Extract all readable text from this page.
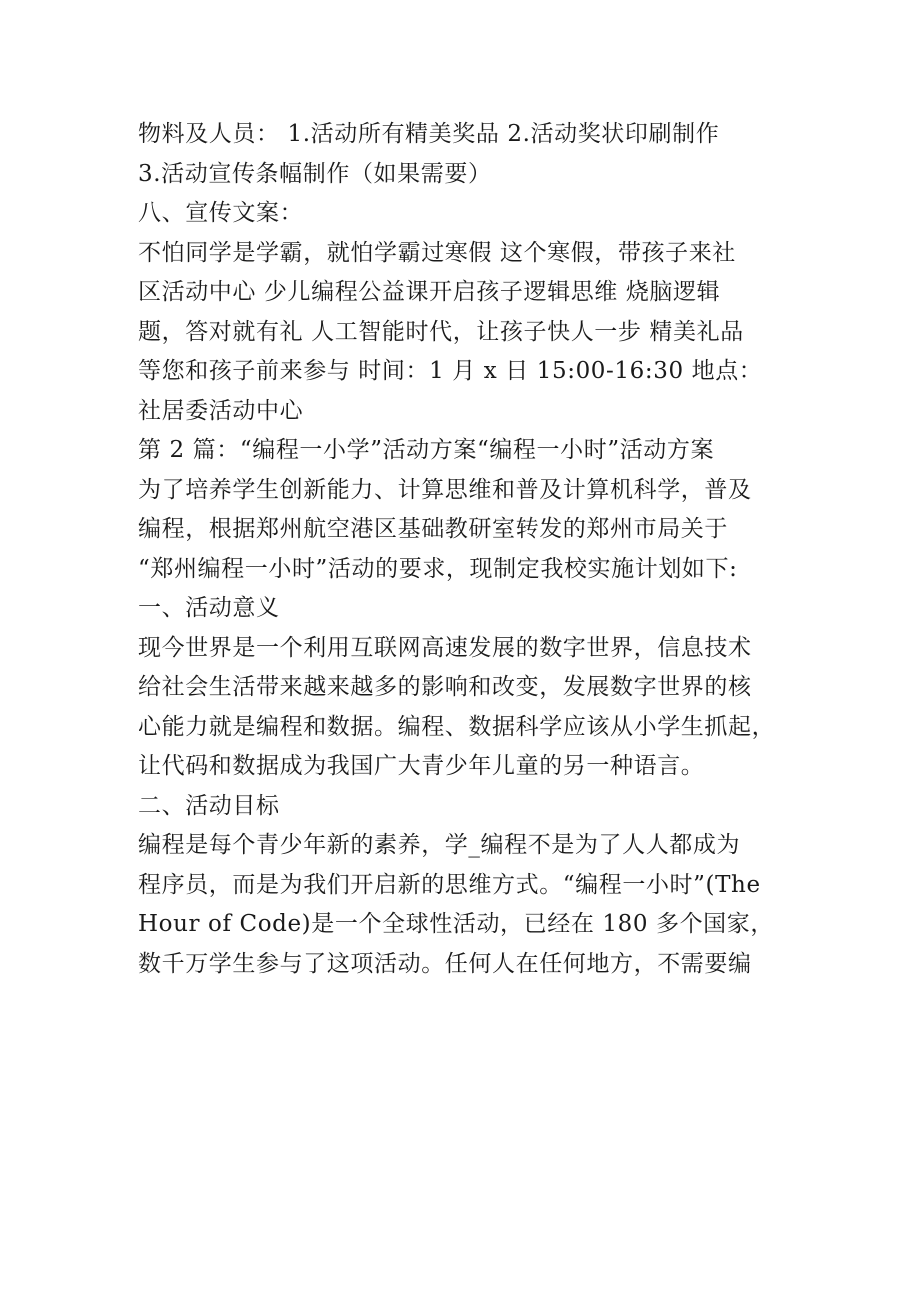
物料及人员： 1.活动所有精美奖品 2.活动奖状印刷制作
3.活动宣传条幅制作（如果需要）
八、宣传文案：
不怕同学是学霸，就怕学霸过寒假 这个寒假，带孩子来社
区活动中心 少儿编程公益课开启孩子逻辑思维 烧脑逻辑
题，答对就有礼 人工智能时代，让孩子快人一步 精美礼品
等您和孩子前来参与 时间：1 月 x 日 15:00-16:30 地点：
社居委活动中心
第 2 篇：“编程一小学”活动方案“编程一小时”活动方案
为了培养学生创新能力、计算思维和普及计算机科学，普及
编程，根据郑州航空港区基础教研室转发的郑州市局关于
“郑州编程一小时”活动的要求，现制定我校实施计划如下:
一、活动意义
现今世界是一个利用互联网高速发展的数字世界，信息技术
给社会生活带来越来越多的影响和改变，发展数字世界的核
心能力就是编程和数据。编程、数据科学应该从小学生抓起，
让代码和数据成为我国广大青少年儿童的另一种语言。
二、活动目标
编程是每个青少年新的素养，学_编程不是为了人人都成为
程序员，而是为我们开启新的思维方式。“编程一小时”(The
Hour of Code)是一个全球性活动，已经在 180 多个国家，
数千万学生参与了这项活动。任何人在任何地方，不需要编
